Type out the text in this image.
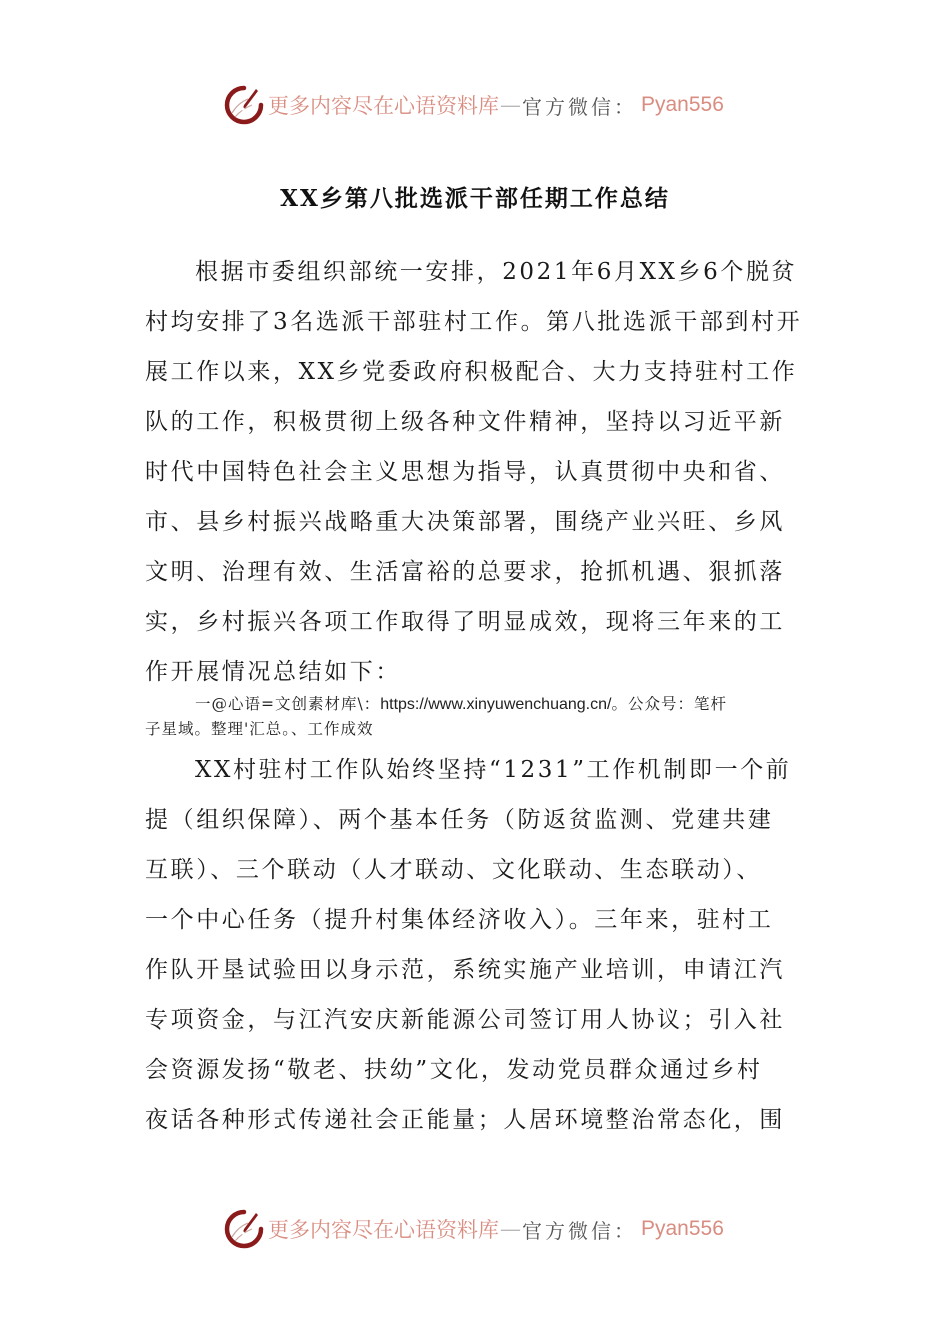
更多内容尽在心语资料库 — 官方微信： Pyan556
XX乡第八批选派干部任期工作总结
根据市委组织部统一安排，2021年6月XX乡6个脱贫
村均安排了3名选派干部驻村工作。第八批选派干部到村开
展工作以来，XX乡党委政府积极配合、大力支持驻村工作
队的工作，积极贯彻上级各种文件精神，坚持以习近平新
时代中国特色社会主义思想为指导，认真贯彻中央和省、
市、县乡村振兴战略重大决策部署，围绕产业兴旺、乡风
文明、治理有效、生活富裕的总要求，抢抓机遇、狠抓落
实，乡村振兴各项工作取得了明显成效，现将三年来的工
作开展情况总结如下：
一@心语=文创素材库\：https://www.xinyuwenchuang.cn/。公众号：笔杆
子星域。整理'汇总。、工作成效
XX村驻村工作队始终坚持“1231”工作机制即一个前
提（组织保障）、两个基本任务（防返贫监测、党建共建
互联）、三个联动（人才联动、文化联动、生态联动）、
一个中心任务（提升村集体经济收入）。三年来，驻村工
作队开垦试验田以身示范，系统实施产业培训，申请江汽
专项资金，与江汽安庆新能源公司签订用人协议；引入社
会资源发扬“敬老、扶幼”文化，发动党员群众通过乡村
夜话各种形式传递社会正能量；人居环境整治常态化，围
更多内容尽在心语资料库 — 官方微信： Pyan556
